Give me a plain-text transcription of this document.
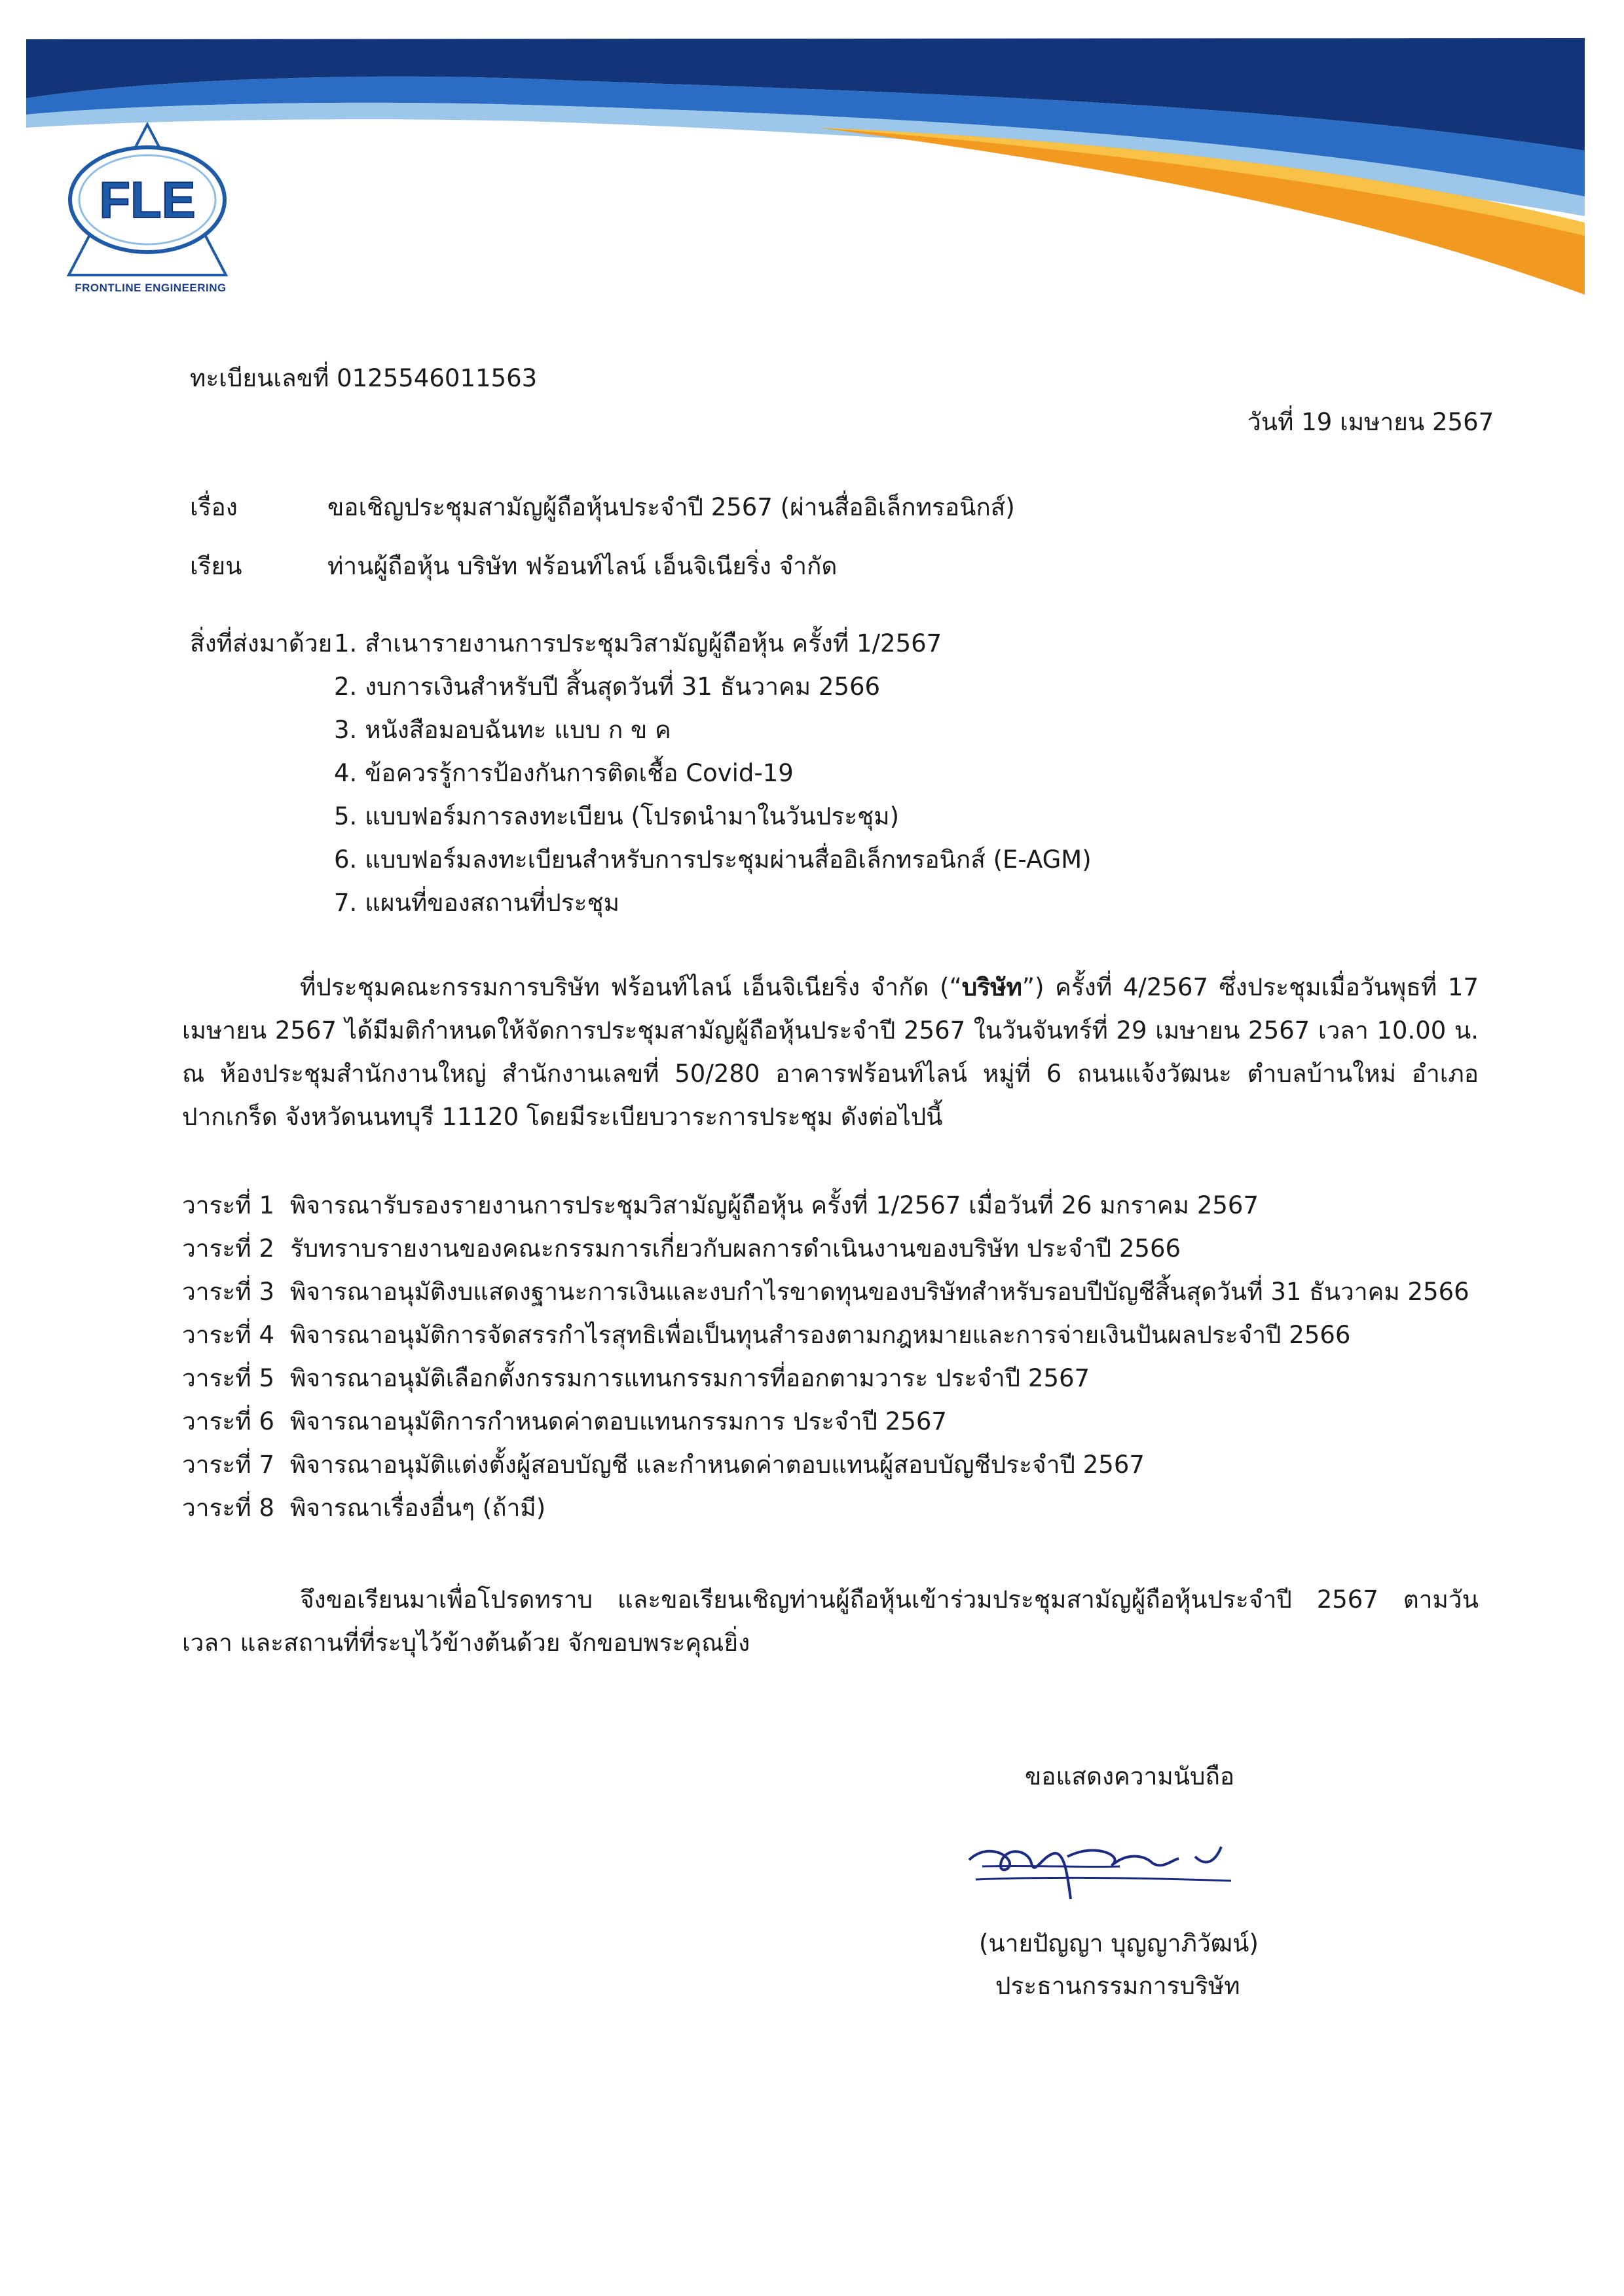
FLE
FRONTLINE ENGINEERING
ทะเบียนเลขที่ 0125546011563
วันที่ 19 เมษายน 2567
เรื่อง	ขอเชิญประชุมสามัญผู้ถือหุ้นประจำปี 2567 (ผ่านสื่ออิเล็กทรอนิกส์)
เรียน	ท่านผู้ถือหุ้น บริษัท ฟร้อนท์ไลน์ เอ็นจิเนียริ่ง จำกัด
สิ่งที่ส่งมาด้วย 1. สำเนารายงานการประชุมวิสามัญผู้ถือหุ้น ครั้งที่ 1/2567
2. งบการเงินสำหรับปี สิ้นสุดวันที่ 31 ธันวาคม 2566
3. หนังสือมอบฉันทะ แบบ ก ข ค
4. ข้อควรรู้การป้องกันการติดเชื้อ Covid-19
5. แบบฟอร์มการลงทะเบียน (โปรดนำมาในวันประชุม)
6. แบบฟอร์มลงทะเบียนสำหรับการประชุมผ่านสื่ออิเล็กทรอนิกส์ (E-AGM)
7. แผนที่ของสถานที่ประชุม
ที่ประชุมคณะกรรมการบริษัท ฟร้อนท์ไลน์ เอ็นจิเนียริ่ง จำกัด (“บริษัท”) ครั้งที่ 4/2567 ซึ่งประชุมเมื่อวันพุธที่ 17 เมษายน 2567 ได้มีมติกำหนดให้จัดการประชุมสามัญผู้ถือหุ้นประจำปี 2567 ในวันจันทร์ที่ 29 เมษายน 2567 เวลา 10.00 น. ณ ห้องประชุมสำนักงานใหญ่ สำนักงานเลขที่ 50/280 อาคารฟร้อนท์ไลน์ หมู่ที่ 6 ถนนแจ้งวัฒนะ ตำบลบ้านใหม่ อำเภอปากเกร็ด จังหวัดนนทบุรี 11120 โดยมีระเบียบวาระการประชุม ดังต่อไปนี้
วาระที่ 1 พิจารณารับรองรายงานการประชุมวิสามัญผู้ถือหุ้น ครั้งที่ 1/2567 เมื่อวันที่ 26 มกราคม 2567
วาระที่ 2 รับทราบรายงานของคณะกรรมการเกี่ยวกับผลการดำเนินงานของบริษัท ประจำปี 2566
วาระที่ 3 พิจารณาอนุมัติงบแสดงฐานะการเงินและงบกำไรขาดทุนของบริษัทสำหรับรอบปีบัญชีสิ้นสุดวันที่ 31 ธันวาคม 2566
วาระที่ 4 พิจารณาอนุมัติการจัดสรรกำไรสุทธิเพื่อเป็นทุนสำรองตามกฎหมายและการจ่ายเงินปันผลประจำปี 2566
วาระที่ 5 พิจารณาอนุมัติเลือกตั้งกรรมการแทนกรรมการที่ออกตามวาระ ประจำปี 2567
วาระที่ 6 พิจารณาอนุมัติการกำหนดค่าตอบแทนกรรมการ ประจำปี 2567
วาระที่ 7 พิจารณาอนุมัติแต่งตั้งผู้สอบบัญชี และกำหนดค่าตอบแทนผู้สอบบัญชีประจำปี 2567
วาระที่ 8 พิจารณาเรื่องอื่นๆ (ถ้ามี)
จึงขอเรียนมาเพื่อโปรดทราบ และขอเรียนเชิญท่านผู้ถือหุ้นเข้าร่วมประชุมสามัญผู้ถือหุ้นประจำปี 2567 ตามวัน เวลา และสถานที่ที่ระบุไว้ข้างต้นด้วย จักขอบพระคุณยิ่ง
ขอแสดงความนับถือ
(นายปัญญา บุญญาภิวัฒน์)
ประธานกรรมการบริษัท
